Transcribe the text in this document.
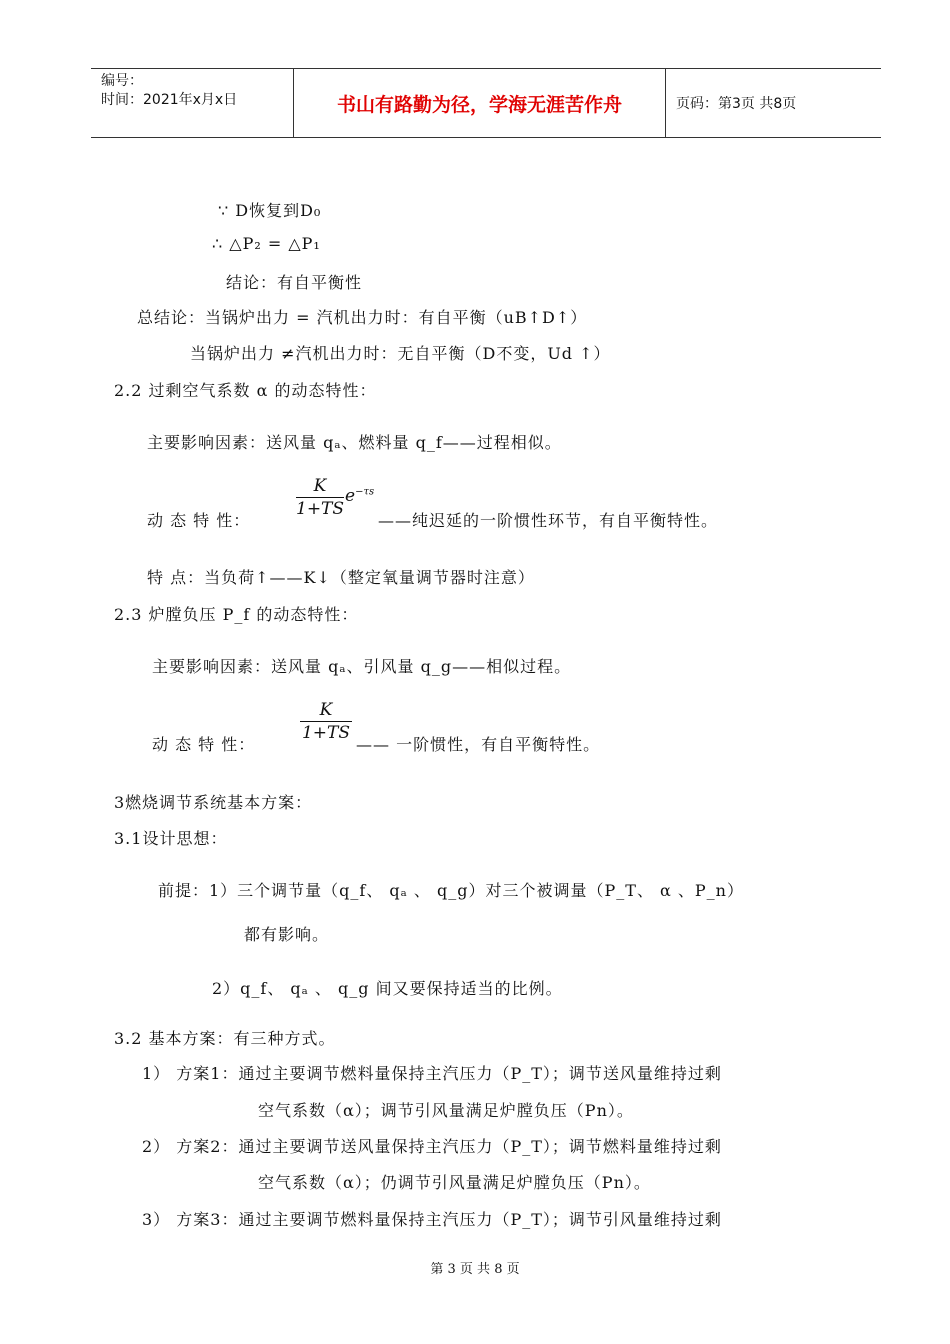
编号：
时间：2021年x月x日	书山有路勤为径，学海无涯苦作舟	页码：第3页 共8页
∵ D恢复到D₀
∴ △P₂ = △P₁
结论：有自平衡性
总结论：当锅炉出力 = 汽机出力时：有自平衡（uB↑D↑）
当锅炉出力 ≠汽机出力时：无自平衡（D不变，Ud ↑）
2.2 过剩空气系数 α 的动态特性：
主要影响因素：送风量 qₐ、燃料量 q_f——过程相似。
动 态 特 性：
$\frac{K}{1+TS} e^{-\tau s}$
——纯迟延的一阶惯性环节，有自平衡特性。
特 点：当负荷↑——K↓（整定氧量调节器时注意）
2.3 炉膛负压 P_f 的动态特性：
主要影响因素：送风量 qₐ、引风量 q_g——相似过程。
动 态 特 性：
$\frac{K}{1+TS}$
—— 一阶惯性，有自平衡特性。
3燃烧调节系统基本方案：
3.1设计思想：
前提：1）三个调节量（q_f、 qₐ 、 q_g）对三个被调量（P_T、 α 、P_n）
都有影响。
2）q_f、 qₐ 、 q_g 间又要保持适当的比例。
3.2 基本方案：有三种方式。
1） 方案1：通过主要调节燃料量保持主汽压力（P_T）；调节送风量维持过剩
空气系数（α）；调节引风量满足炉膛负压（Pn）。
2） 方案2：通过主要调节送风量保持主汽压力（P_T）；调节燃料量维持过剩
空气系数（α）；仍调节引风量满足炉膛负压（Pn）。
3） 方案3：通过主要调节燃料量保持主汽压力（P_T）；调节引风量维持过剩
第 3 页 共 8 页
